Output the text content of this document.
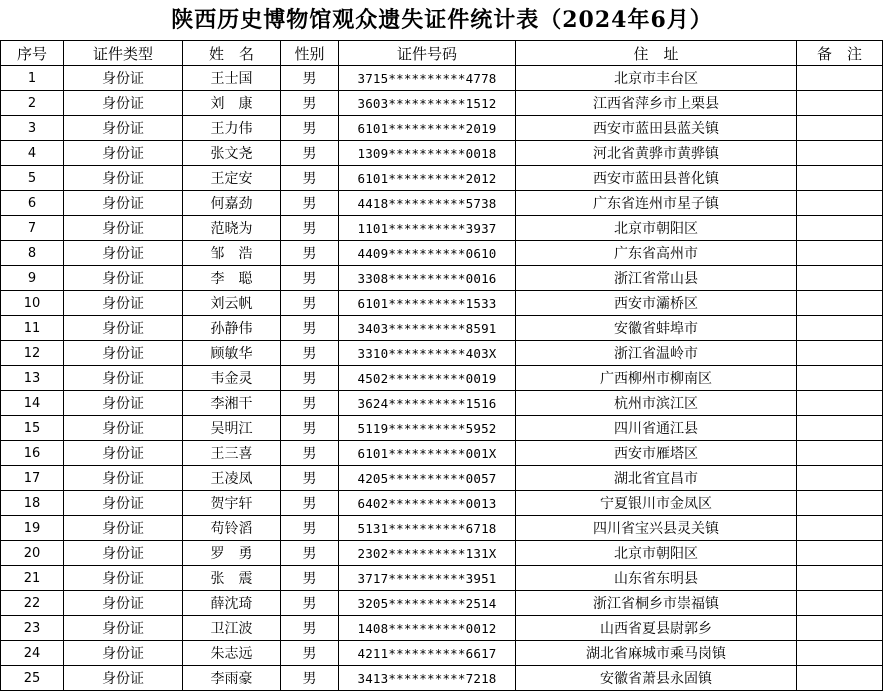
陕西历史博物馆观众遗失证件统计表（2024年6月）
序号	证件类型	姓　名	性别	证件号码	住　址	备　注
1	身份证	王士国	男	3715**********4778	北京市丰台区	
2	身份证	刘　康	男	3603**********1512	江西省萍乡市上栗县	
3	身份证	王力伟	男	6101**********2019	西安市蓝田县蓝关镇	
4	身份证	张文尧	男	1309**********0018	河北省黄骅市黄骅镇	
5	身份证	王定安	男	6101**********2012	西安市蓝田县普化镇	
6	身份证	何嘉劲	男	4418**********5738	广东省连州市星子镇	
7	身份证	范晓为	男	1101**********3937	北京市朝阳区	
8	身份证	邹　浩	男	4409**********0610	广东省高州市	
9	身份证	李　聪	男	3308**********0016	浙江省常山县	
10	身份证	刘云帆	男	6101**********1533	西安市灞桥区	
11	身份证	孙静伟	男	3403**********8591	安徽省蚌埠市	
12	身份证	顾敏华	男	3310**********403X	浙江省温岭市	
13	身份证	韦金灵	男	4502**********0019	广西柳州市柳南区	
14	身份证	李湘干	男	3624**********1516	杭州市滨江区	
15	身份证	吴明江	男	5119**********5952	四川省通江县	
16	身份证	王三喜	男	6101**********001X	西安市雁塔区	
17	身份证	王凌凤	男	4205**********0057	湖北省宜昌市	
18	身份证	贺宇轩	男	6402**********0013	宁夏银川市金凤区	
19	身份证	苟铃滔	男	5131**********6718	四川省宝兴县灵关镇	
20	身份证	罗　勇	男	2302**********131X	北京市朝阳区	
21	身份证	张　震	男	3717**********3951	山东省东明县	
22	身份证	薛沈琦	男	3205**********2514	浙江省桐乡市崇福镇	
23	身份证	卫江波	男	1408**********0012	山西省夏县尉郭乡	
24	身份证	朱志远	男	4211**********6617	湖北省麻城市乘马岗镇	
25	身份证	李雨豪	男	3413**********7218	安徽省萧县永固镇	
